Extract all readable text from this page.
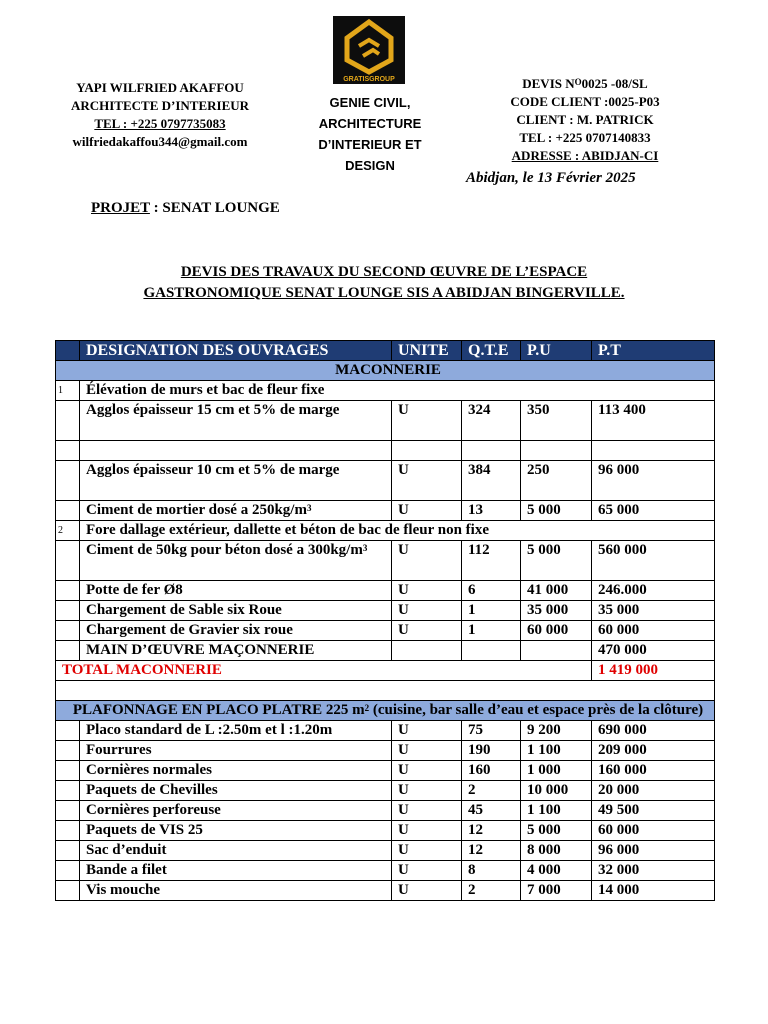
GRATISGROUP
YAPI WILFRIED AKAFFOU
ARCHITECTE D’INTERIEUR
TEL : +225 0797735083
wilfriedakaffou344@gmail.com
GENIE CIVIL,
ARCHITECTURE
D’INTERIEUR ET
DESIGN
DEVIS $N^O0025$ -08/SL
CODE CLIENT :0025-P03
CLIENT : M. PATRICK
TEL : +225 0707140833
ADRESSE : ABIDJAN-CI
Abidjan, le 13 Février 2025
PROJET : SENAT LOUNGE
DEVIS DES TRAVAUX DU SECOND ŒUVRE DE L’ESPACE
GASTRONOMIQUE SENAT LOUNGE SIS A ABIDJAN BINGERVILLE.
	DESIGNATION DES OUVRAGES	UNITE	Q.T.E	P.U	P.T
MACONNERIE					
1	Élévation de murs et bac de fleur fixe				
	Agglos épaisseur 15 cm et 5% de marge	U	324	350	113 400

	Agglos épaisseur 10 cm et 5% de marge	U	384	250	96 000
	Ciment de mortier dosé a $250kg/m^3$	U	13	5 000	65 000
2	Fore dallage extérieur, dallette et béton de bac de fleur non fixe				
	Ciment de 50kg pour béton dosé a $300kg/m^3$	U	112	5 000	560 000
	Potte de fer Ø8	U	6	41 000	246.000
	Chargement de Sable six Roue	U	1	35 000	35 000
	Chargement de Gravier six roue	U	1	60 000	60 000
	MAIN D’ŒUVRE MAÇONNERIE				470 000
TOTAL MACONNERIE					1 419 000

PLAFONNAGE EN PLACO PLATRE 225 $m^2$ (cuisine, bar salle d’eau et espace près de la clôture)					
	Placo standard de L :2.50m et l :1.20m	U	75	9 200	690 000
	Fourrures	U	190	1 100	209 000
	Cornières normales	U	160	1 000	160 000
	Paquets de Chevilles	U	2	10 000	20 000
	Cornières perforeuse	U	45	1 100	49 500
	Paquets de VIS 25	U	12	5 000	60 000
	Sac d’enduit	U	12	8 000	96 000
	Bande a filet	U	8	4 000	32 000
	Vis mouche	U	2	7 000	14 000
